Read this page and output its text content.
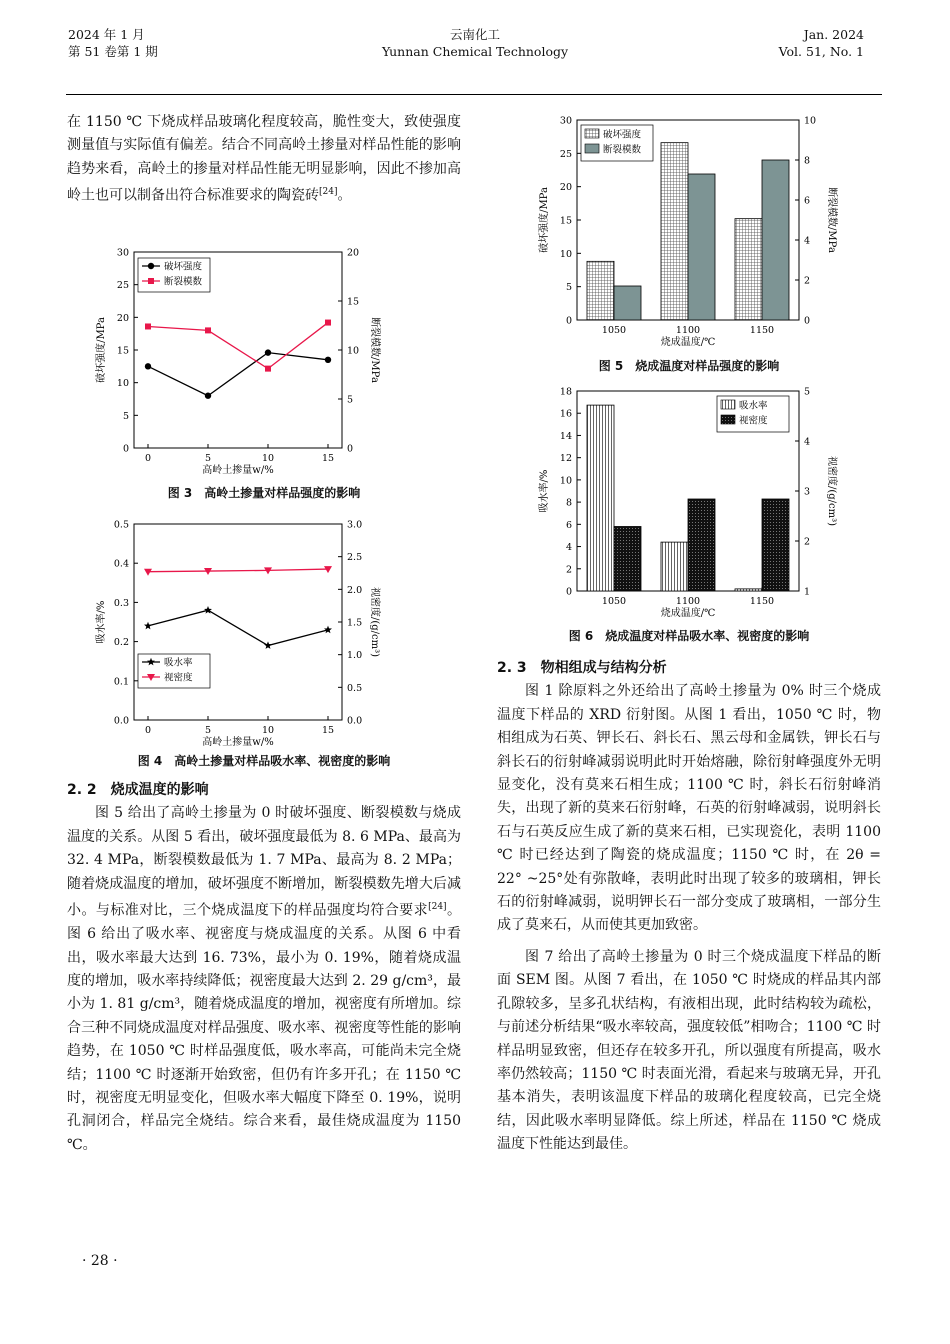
2024 年 1 月
第 51 卷第 1 期
云南化工
Yunnan Chemical Technology
Jan. 2024
Vol. 51, No. 1

在 1150 ℃ 下烧成样品玻璃化程度较高，脆性变大，致使强度测量值与实际值有偏差。结合不同高岭土掺量对样品性能的影响趋势来看，高岭土的掺量对样品性能无明显影响，因此不掺加高岭土也可以制备出符合标准要求的陶瓷砖[24]。

0
5
10
15
20
25
30
0
5
10
15
20
0	5	10	15
高岭土掺量w/%
破坏强度/MPa	断裂模数/MPa
破坏强度
断裂模数
图 3　高岭土掺量对样品强度的影响
0.0
0.1
0.2
0.3
0.4
0.5
0.0
0.5
1.0
1.5
2.0
2.5
3.0
0	5	10	15
高岭土掺量w/%
吸水率/%	视密度/(g/cm³)
吸水率
视密度
图 4　高岭土掺量对样品吸水率、视密度的影响

2. 2　烧成温度的影响

图 5 给出了高岭土掺量为 0 时破坏强度、断裂模数与烧成温度的关系。从图 5 看出，破坏强度最低为 8. 6 MPa、最高为 32. 4 MPa，断裂模数最低为 1. 7 MPa、最高为 8. 2 MPa；随着烧成温度的增加，破坏强度不断增加，断裂模数先增大后减小。与标准对比，三个烧成温度下的样品强度均符合要求[24]。图 6 给出了吸水率、视密度与烧成温度的关系。从图 6 中看出，吸水率最大达到 16. 73%，最小为 0. 19%，随着烧成温度的增加，吸水率持续降低；视密度最大达到 2. 29 g/cm³，最小为 1. 81 g/cm³，随着烧成温度的增加，视密度有所增加。综合三种不同烧成温度对样品强度、吸水率、视密度等性能的影响趋势，在 1050 ℃ 时样品强度低，吸水率高，可能尚未完全烧结；1100 ℃ 时逐渐开始致密，但仍有许多开孔；在 1150 ℃ 时，视密度无明显变化，但吸水率大幅度下降至 0. 19%，说明孔洞闭合，样品完全烧结。综合来看，最佳烧成温度为 1150 ℃。

0
5
10
15
20
25
30
0
2
4
6
8
10
1050	1100	1150
烧成温度/℃
破坏强度/MPa	断裂模数/MPa
破坏强度
断裂模数
图 5　烧成温度对样品强度的影响
0
2
4
6
8
10
12
14
16
18
1
2
3
4
5
1050	1100	1150
烧成温度/℃
吸水率/%	视密度/(g/cm³)
吸水率
视密度
图 6　烧成温度对样品吸水率、视密度的影响

2. 3　物相组成与结构分析

图 1 除原料之外还给出了高岭土掺量为 0% 时三个烧成温度下样品的 XRD 衍射图。从图 1 看出，1050 ℃ 时，物相组成为石英、钾长石、斜长石、黑云母和金属铁，钾长石与斜长石的衍射峰减弱说明此时开始熔融，除衍射峰强度外无明显变化，没有莫来石相生成；1100 ℃ 时，斜长石衍射峰消失，出现了新的莫来石衍射峰，石英的衍射峰减弱，说明斜长石与石英反应生成了新的莫来石相，已实现瓷化，表明 1100 ℃ 时已经达到了陶瓷的烧成温度；1150 ℃ 时，在 2θ = 22° ~25°处有弥散峰，表明此时出现了较多的玻璃相，钾长石的衍射峰减弱，说明钾长石一部分变成了玻璃相，一部分生成了莫来石，从而使其更加致密。

图 7 给出了高岭土掺量为 0 时三个烧成温度下样品的断面 SEM 图。从图 7 看出，在 1050 ℃ 时烧成的样品其内部孔隙较多，呈多孔状结构，有液相出现，此时结构较为疏松，与前述分析结果“吸水率较高，强度较低”相吻合；1100 ℃ 时样品明显致密，但还存在较多开孔，所以强度有所提高，吸水率仍然较高；1150 ℃ 时表面光滑，看起来与玻璃无异，开孔基本消失，表明该温度下样品的玻璃化程度较高，已完全烧结，因此吸水率明显降低。综上所述，样品在 1150 ℃ 烧成温度下性能达到最佳。

· 28 ·
